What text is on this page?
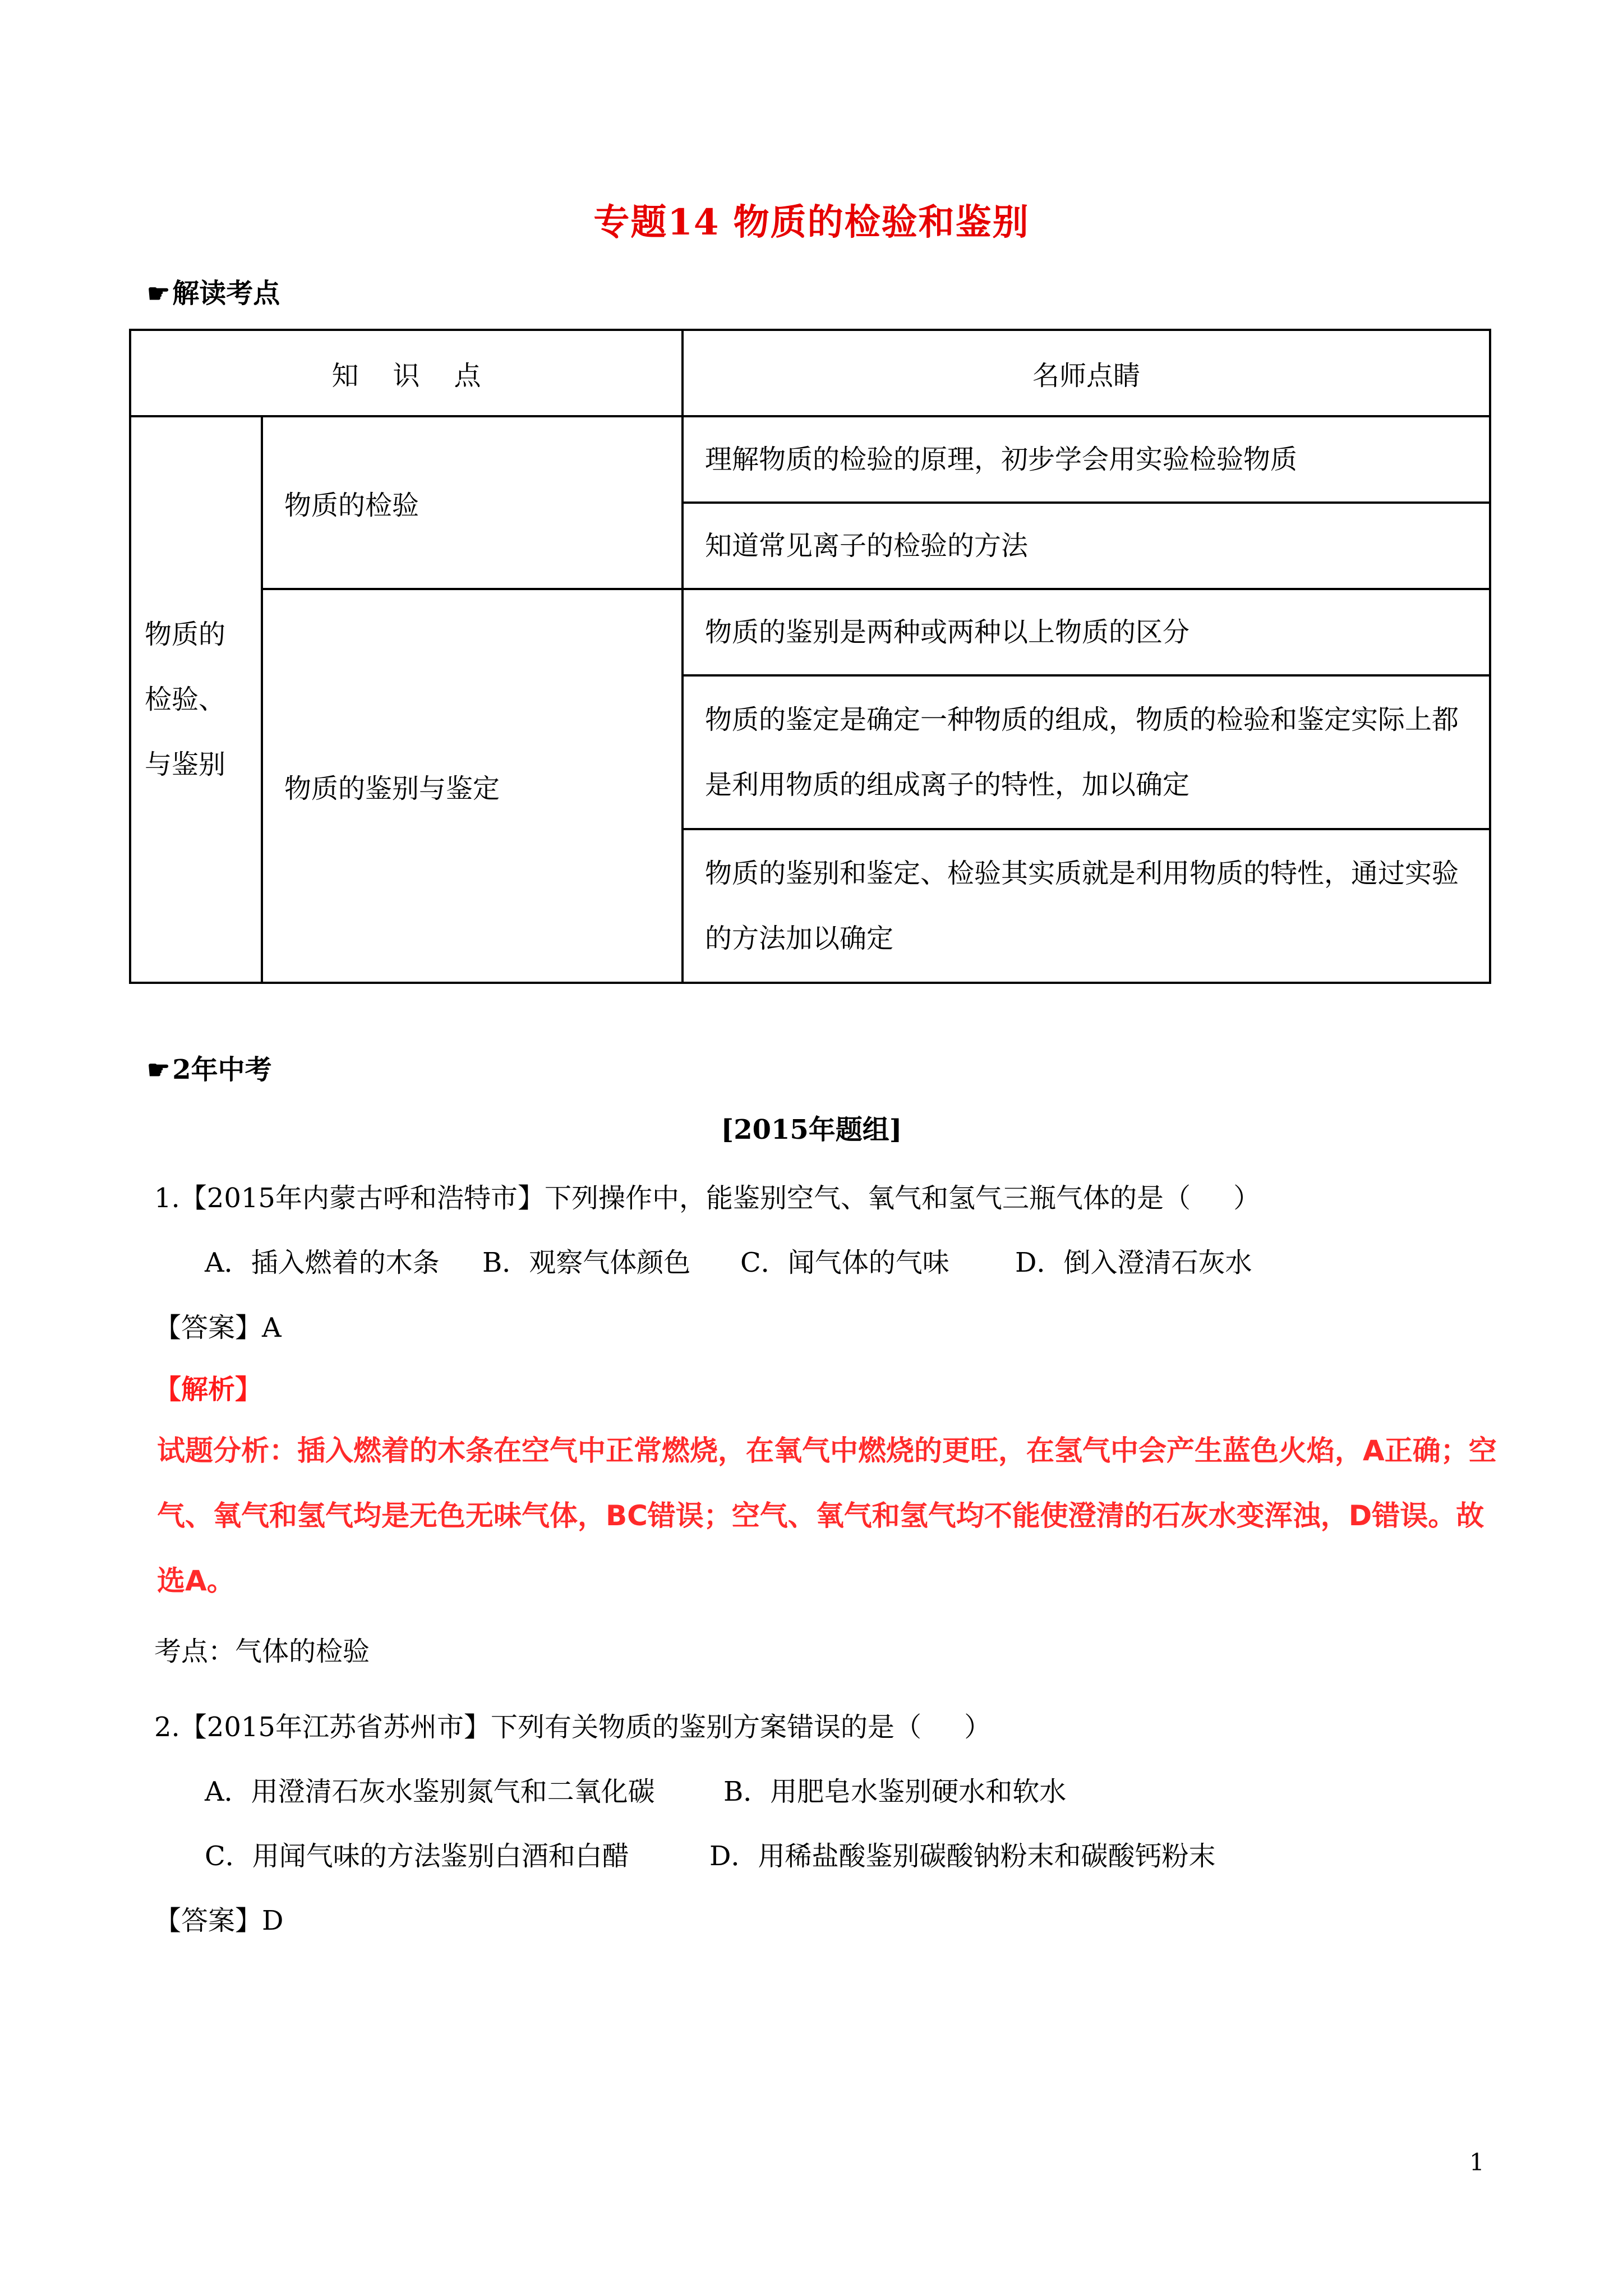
专题14 物质的检验和鉴别
☛解读考点
知    识    点		名师点睛

物质的
检验、
与鉴别	物质的检验	理解物质的检验的原理，初步学会用实验检验物质
		知道常见离子的检验的方法
	物质的鉴别与鉴定	物质的鉴别是两种或两种以上物质的区分
		物质的鉴定是确定一种物质的组成，物质的检验和鉴定实际上都是利用物质的组成离子的特性，加以确定
		物质的鉴别和鉴定、检验其实质就是利用物质的特性，通过实验的方法加以确定
☛2年中考
[2015年题组]
1.【2015年内蒙古呼和浩特市】下列操作中，能鉴别空气、氧气和氢气三瓶气体的是（     ）
A．插入燃着的木条 B．观察气体颜色 C．闻气体的气味 D．倒入澄清石灰水
【答案】A
【解析】
试题分析：插入燃着的木条在空气中正常燃烧，在氧气中燃烧的更旺，在氢气中会产生蓝色火焰，A正确；空气、氧气和氢气均是无色无味气体，BC错误；空气、氧气和氢气均不能使澄清的石灰水变浑浊，D错误。故选A。
考点：气体的检验
2.【2015年江苏省苏州市】下列有关物质的鉴别方案错误的是（     ）
A．用澄清石灰水鉴别氮气和二氧化碳	B．用肥皂水鉴别硬水和软水
C．用闻气味的方法鉴别白酒和白醋	D．用稀盐酸鉴别碳酸钠粉末和碳酸钙粉末
【答案】D
1
